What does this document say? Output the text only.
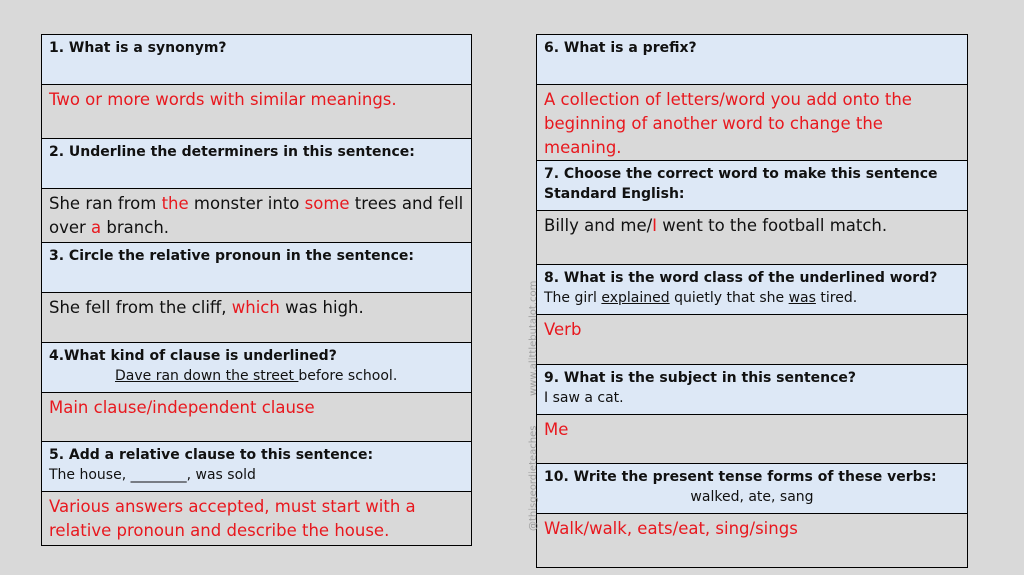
1. What is a synonym?

Two or more words with similar meanings.

2. Underline the determiners in this sentence:

She ran from the monster into some trees and fell over a branch.

3. Circle the relative pronoun in the sentence:

She fell from the cliff, which was high.

4.What kind of clause is underlined?
Dave ran down the street before school.

Main clause/independent clause

5. Add a relative clause to this sentence:
The house, ________, was sold

Various answers accepted, must start with a relative pronoun and describe the house.
6. What is a prefix?

A collection of letters/word you add onto the beginning of another word to change the meaning.

7. Choose the correct word to make this sentence Standard English:

Billy and me/I went to the football match.

8. What is the word class of the underlined word?
The girl explained quietly that she was tired.

Verb

9. What is the subject in this sentence?
I saw a cat.

Me

10. Write the present tense forms of these verbs:
walked, ate, sang

Walk/walk, eats/eat, sing/sings
www.alittlebutalot.com
@thisgeordieteaches
